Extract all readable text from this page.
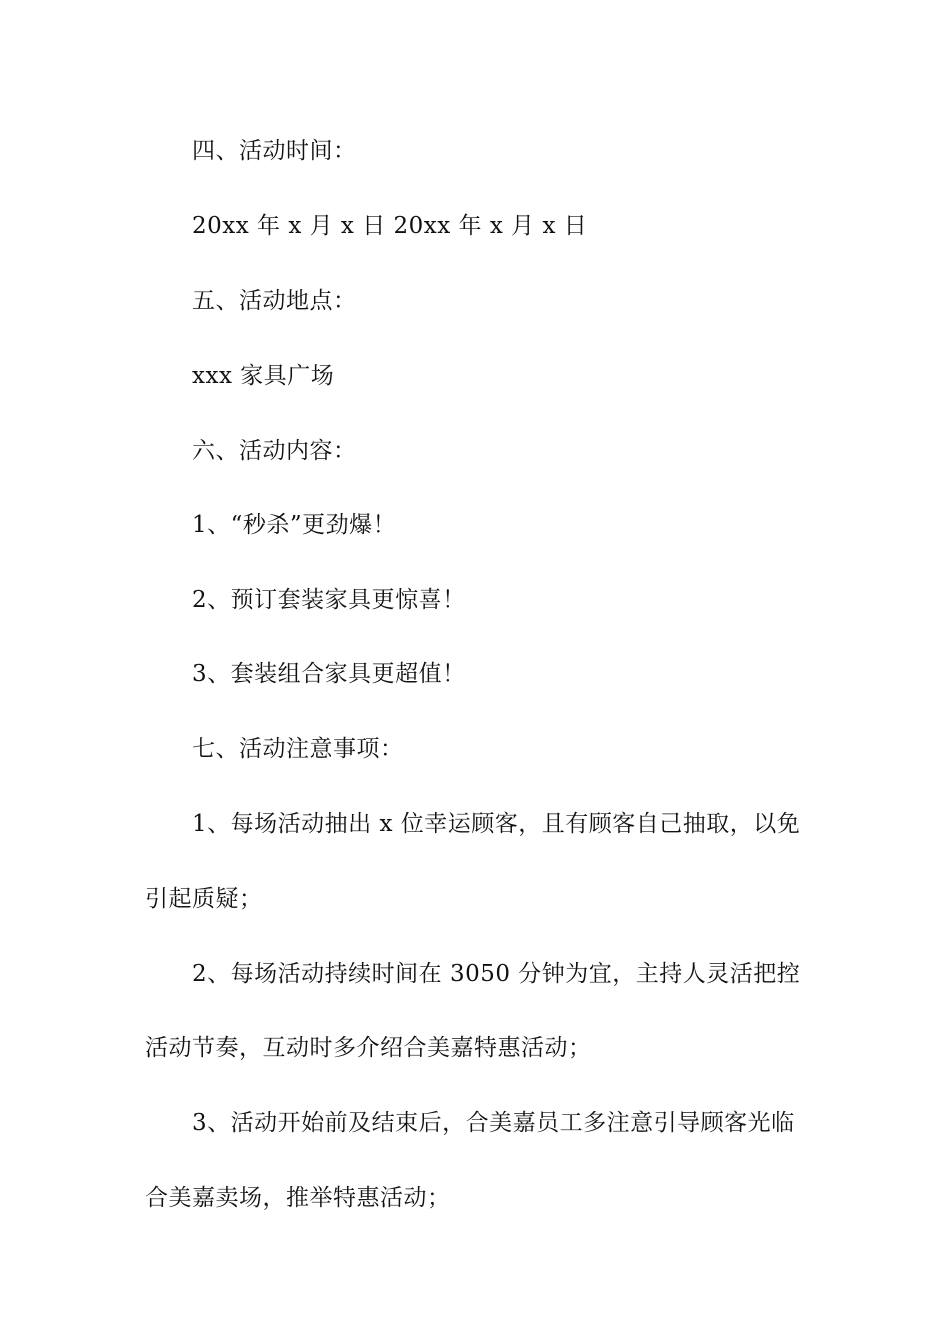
四、活动时间：
20xx 年 x 月 x 日 20xx 年 x 月 x 日
五、活动地点：
xxx 家具广场
六、活动内容：
1、“秒杀”更劲爆！
2、预订套装家具更惊喜！
3、套装组合家具更超值！
七、活动注意事项：
1、每场活动抽出 x 位幸运顾客，且有顾客自己抽取，以免
引起质疑；
2、每场活动持续时间在 3050 分钟为宜，主持人灵活把控
活动节奏，互动时多介绍合美嘉特惠活动；
3、活动开始前及结束后，合美嘉员工多注意引导顾客光临
合美嘉卖场，推举特惠活动；
